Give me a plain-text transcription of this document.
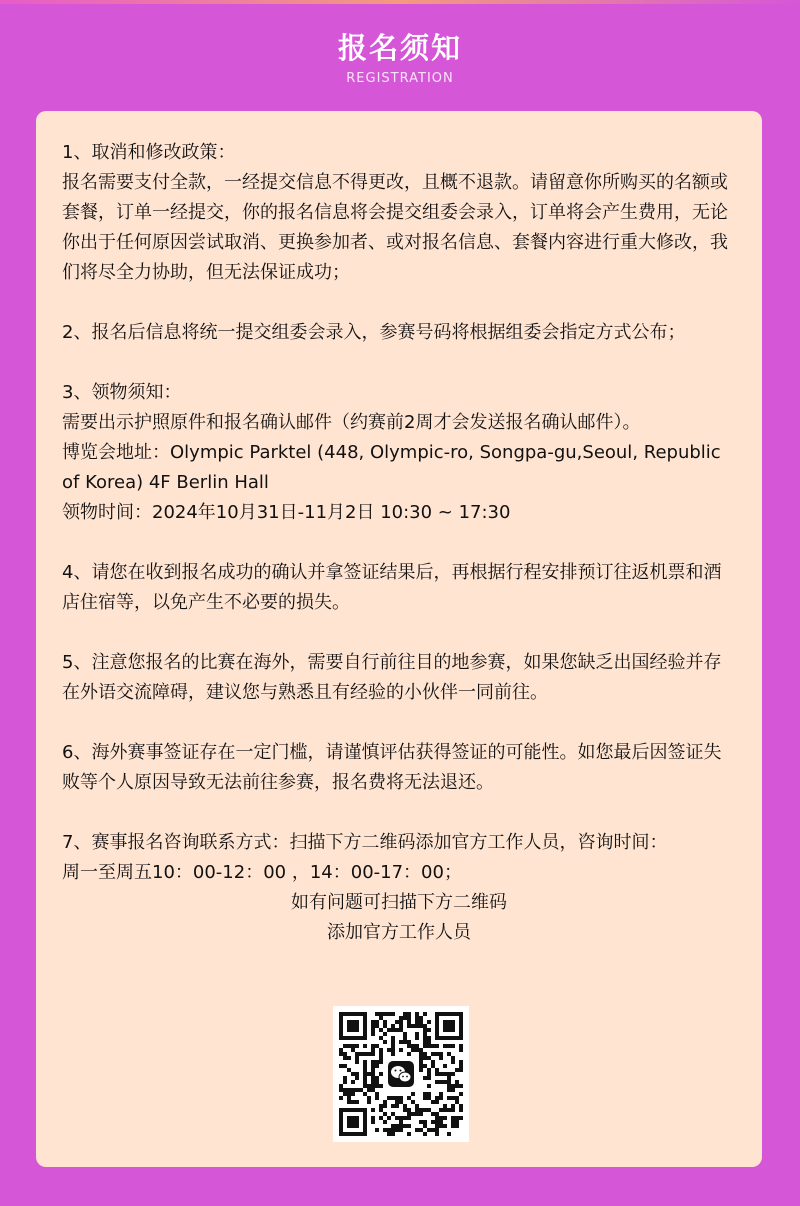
报名须知
REGISTRATION

1、取消和修改政策：

报名需要支付全款，一经提交信息不得更改，且概不退款。请留意你所购买的名额或套餐，订单一经提交，你的报名信息将会提交组委会录入，订单将会产生费用，无论你出于任何原因尝试取消、更换参加者、或对报名信息、套餐内容进行重大修改，我们将尽全力协助，但无法保证成功；

2、报名后信息将统一提交组委会录入，参赛号码将根据组委会指定方式公布；

3、领物须知：

需要出示护照原件和报名确认邮件（约赛前2周才会发送报名确认邮件）。

博览会地址：Olympic Parktel (448, Olympic-ro, Songpa-gu,Seoul, Republic of Korea) 4F Berlin Hall

领物时间：2024年10月31日-11月2日 10:30 ~ 17:30

4、请您在收到报名成功的确认并拿签证结果后，再根据行程安排预订往返机票和酒店住宿等，以免产生不必要的损失。

5、注意您报名的比赛在海外，需要自行前往目的地参赛，如果您缺乏出国经验并存在外语交流障碍，建议您与熟悉且有经验的小伙伴一同前往。

6、海外赛事签证存在一定门槛，请谨慎评估获得签证的可能性。如您最后因签证失败等个人原因导致无法前往参赛，报名费将无法退还。

7、赛事报名咨询联系方式：扫描下方二维码添加官方工作人员，咨询时间：

周一至周五10：00-12：00 ，14：00-17：00；

如有问题可扫描下方二维码
添加官方工作人员
